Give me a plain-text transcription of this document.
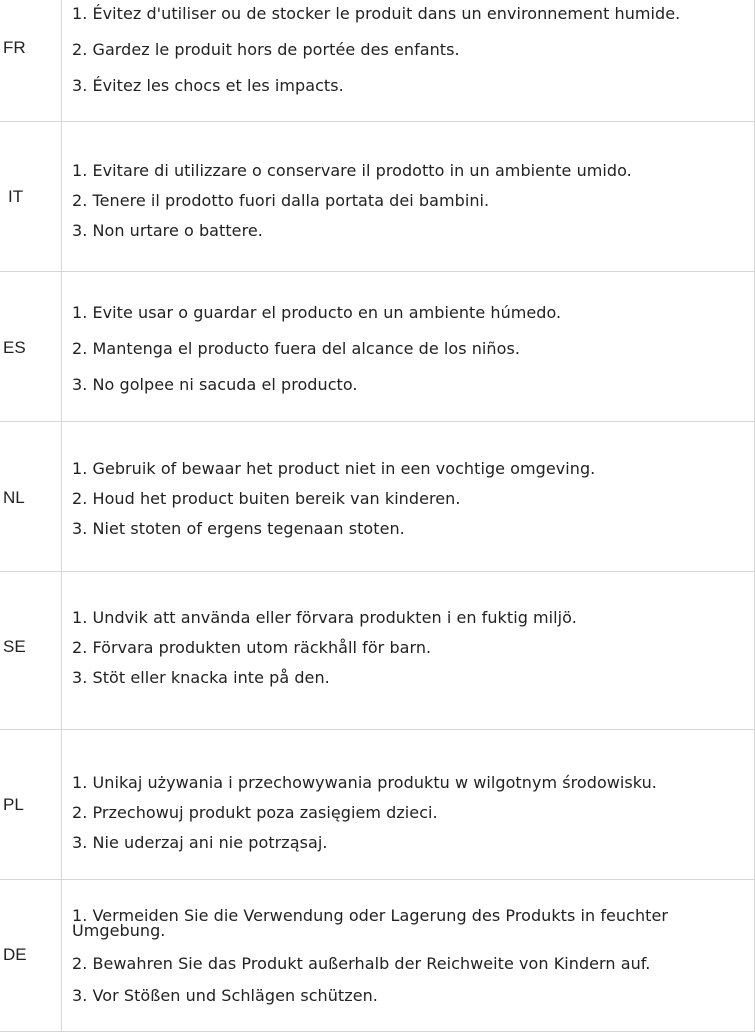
FR
1. Évitez d'utiliser ou de stocker le produit dans un environnement humide.
2. Gardez le produit hors de portée des enfants.
3. Évitez les chocs et les impacts.
IT
1. Evitare di utilizzare o conservare il prodotto in un ambiente umido.
2. Tenere il prodotto fuori dalla portata dei bambini.
3. Non urtare o battere.
ES
1. Evite usar o guardar el producto en un ambiente húmedo.
2. Mantenga el producto fuera del alcance de los niños.
3. No golpee ni sacuda el producto.
NL
1. Gebruik of bewaar het product niet in een vochtige omgeving.
2. Houd het product buiten bereik van kinderen.
3. Niet stoten of ergens tegenaan stoten.
SE
1. Undvik att använda eller förvara produkten i en fuktig miljö.
2. Förvara produkten utom räckhåll för barn.
3. Stöt eller knacka inte på den.
PL
1. Unikaj używania i przechowywania produktu w wilgotnym środowisku.
2. Przechowuj produkt poza zasięgiem dzieci.
3. Nie uderzaj ani nie potrząsaj.
DE
1. Vermeiden Sie die Verwendung oder Lagerung des Produkts in feuchter Umgebung.
2. Bewahren Sie das Produkt außerhalb der Reichweite von Kindern auf.
3. Vor Stößen und Schlägen schützen.
